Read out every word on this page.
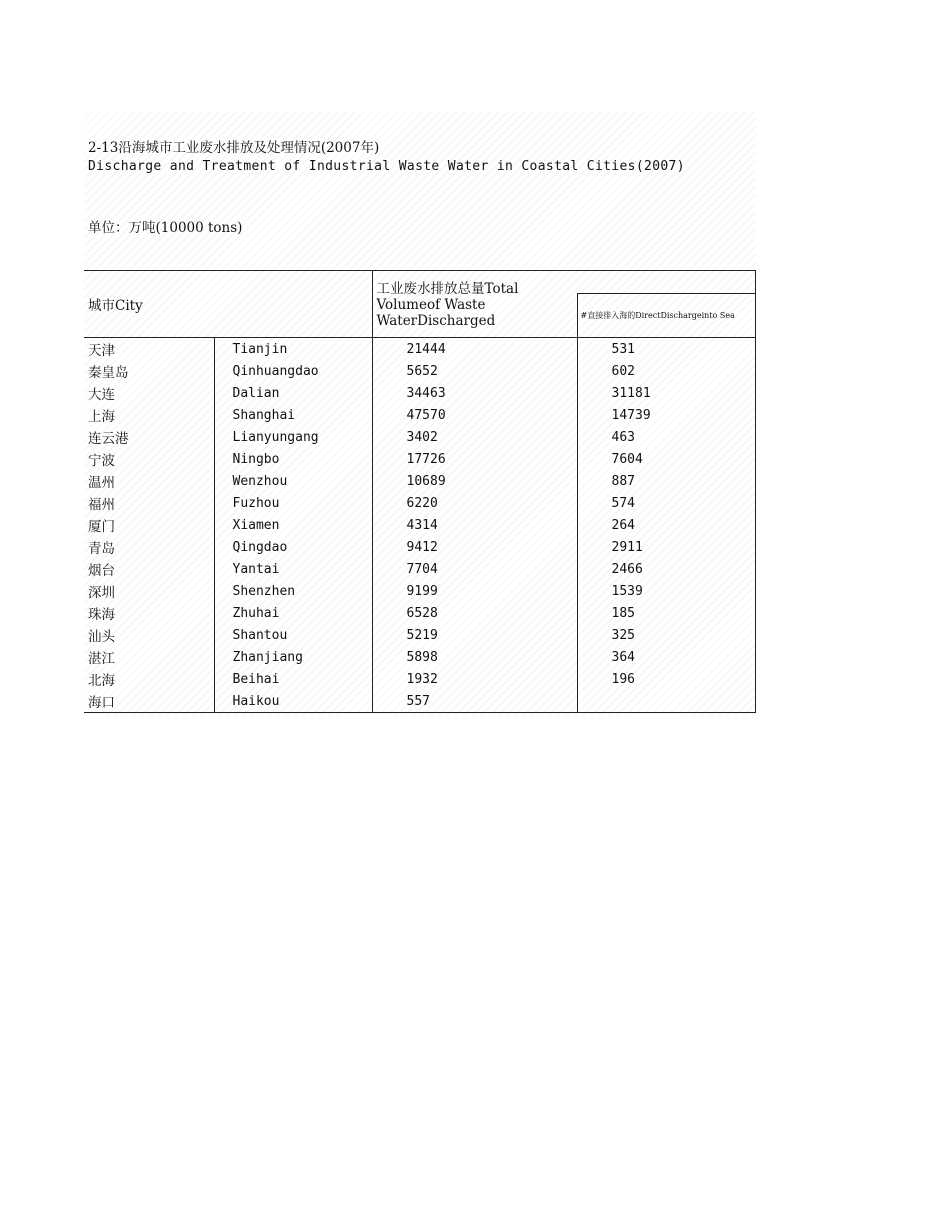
2-13沿海城市工业废水排放及处理情况(2007年)
Discharge and Treatment of Industrial Waste Water in Coastal Cities(2007)
单位：万吨(10000 tons)
城市City		工业废水排放总量Total Volumeof Waste WaterDischarged	
			#直接排入海的DirectDischargeinto Sea
天津	Tianjin	21444	531
秦皇岛	Qinhuangdao	5652	602
大连	Dalian	34463	31181
上海	Shanghai	47570	14739
连云港	Lianyungang	3402	463
宁波	Ningbo	17726	7604
温州	Wenzhou	10689	887
福州	Fuzhou	6220	574
厦门	Xiamen	4314	264
青岛	Qingdao	9412	2911
烟台	Yantai	7704	2466
深圳	Shenzhen	9199	1539
珠海	Zhuhai	6528	185
汕头	Shantou	5219	325
湛江	Zhanjiang	5898	364
北海	Beihai	1932	196
海口	Haikou	557	
